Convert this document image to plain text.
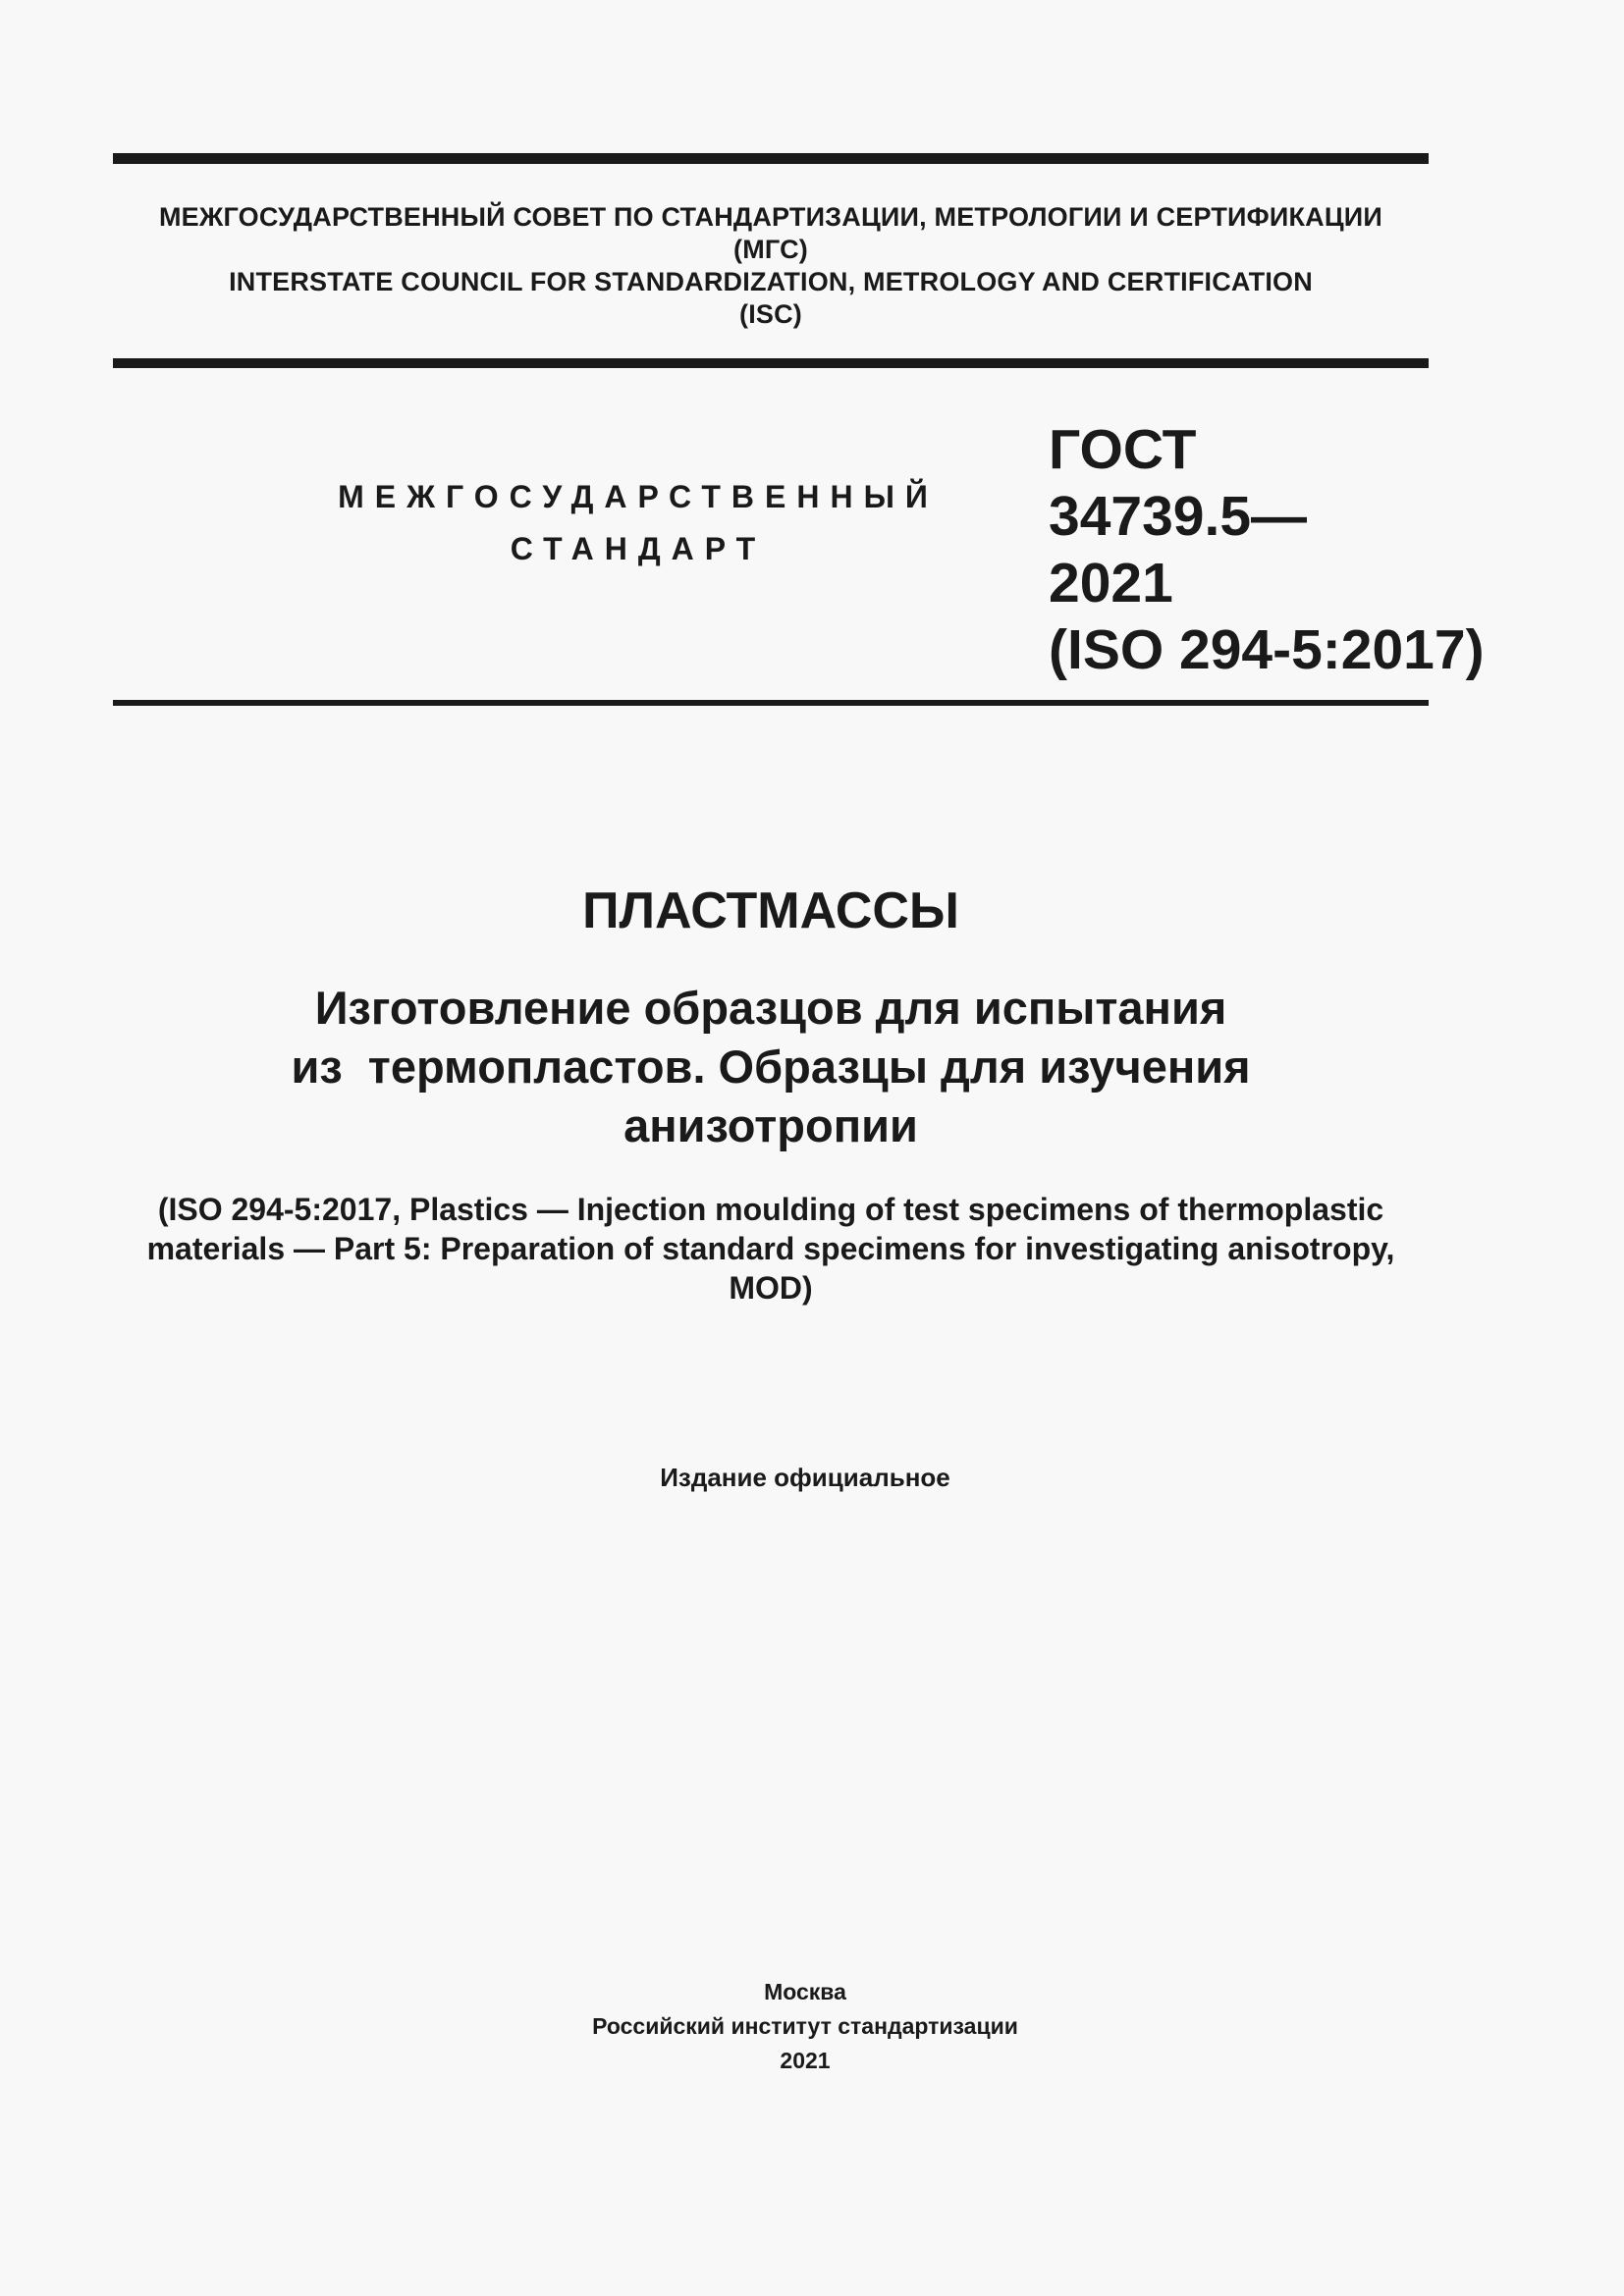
МЕЖГОСУДАРСТВЕННЫЙ СОВЕТ ПО СТАНДАРТИЗАЦИИ, МЕТРОЛОГИИ И СЕРТИФИКАЦИИ
(МГС)
INTERSTATE COUNCIL FOR STANDARDIZATION, METROLOGY AND CERTIFICATION
(ISC)
МЕЖГОСУДАРСТВЕННЫЙ
СТАНДАРТ
ГОСТ
34739.5—
2021
(ISO 294-5:2017)
ПЛАСТМАССЫ
Изготовление образцов для испытания
из  термопластов. Образцы для изучения
анизотропии
(ISO 294-5:2017, Plastics — Injection moulding of test specimens of thermoplastic
materials — Part 5: Preparation of standard specimens for investigating anisotropy,
MOD)
Издание официальное
Москва
Российский институт стандартизации
2021
